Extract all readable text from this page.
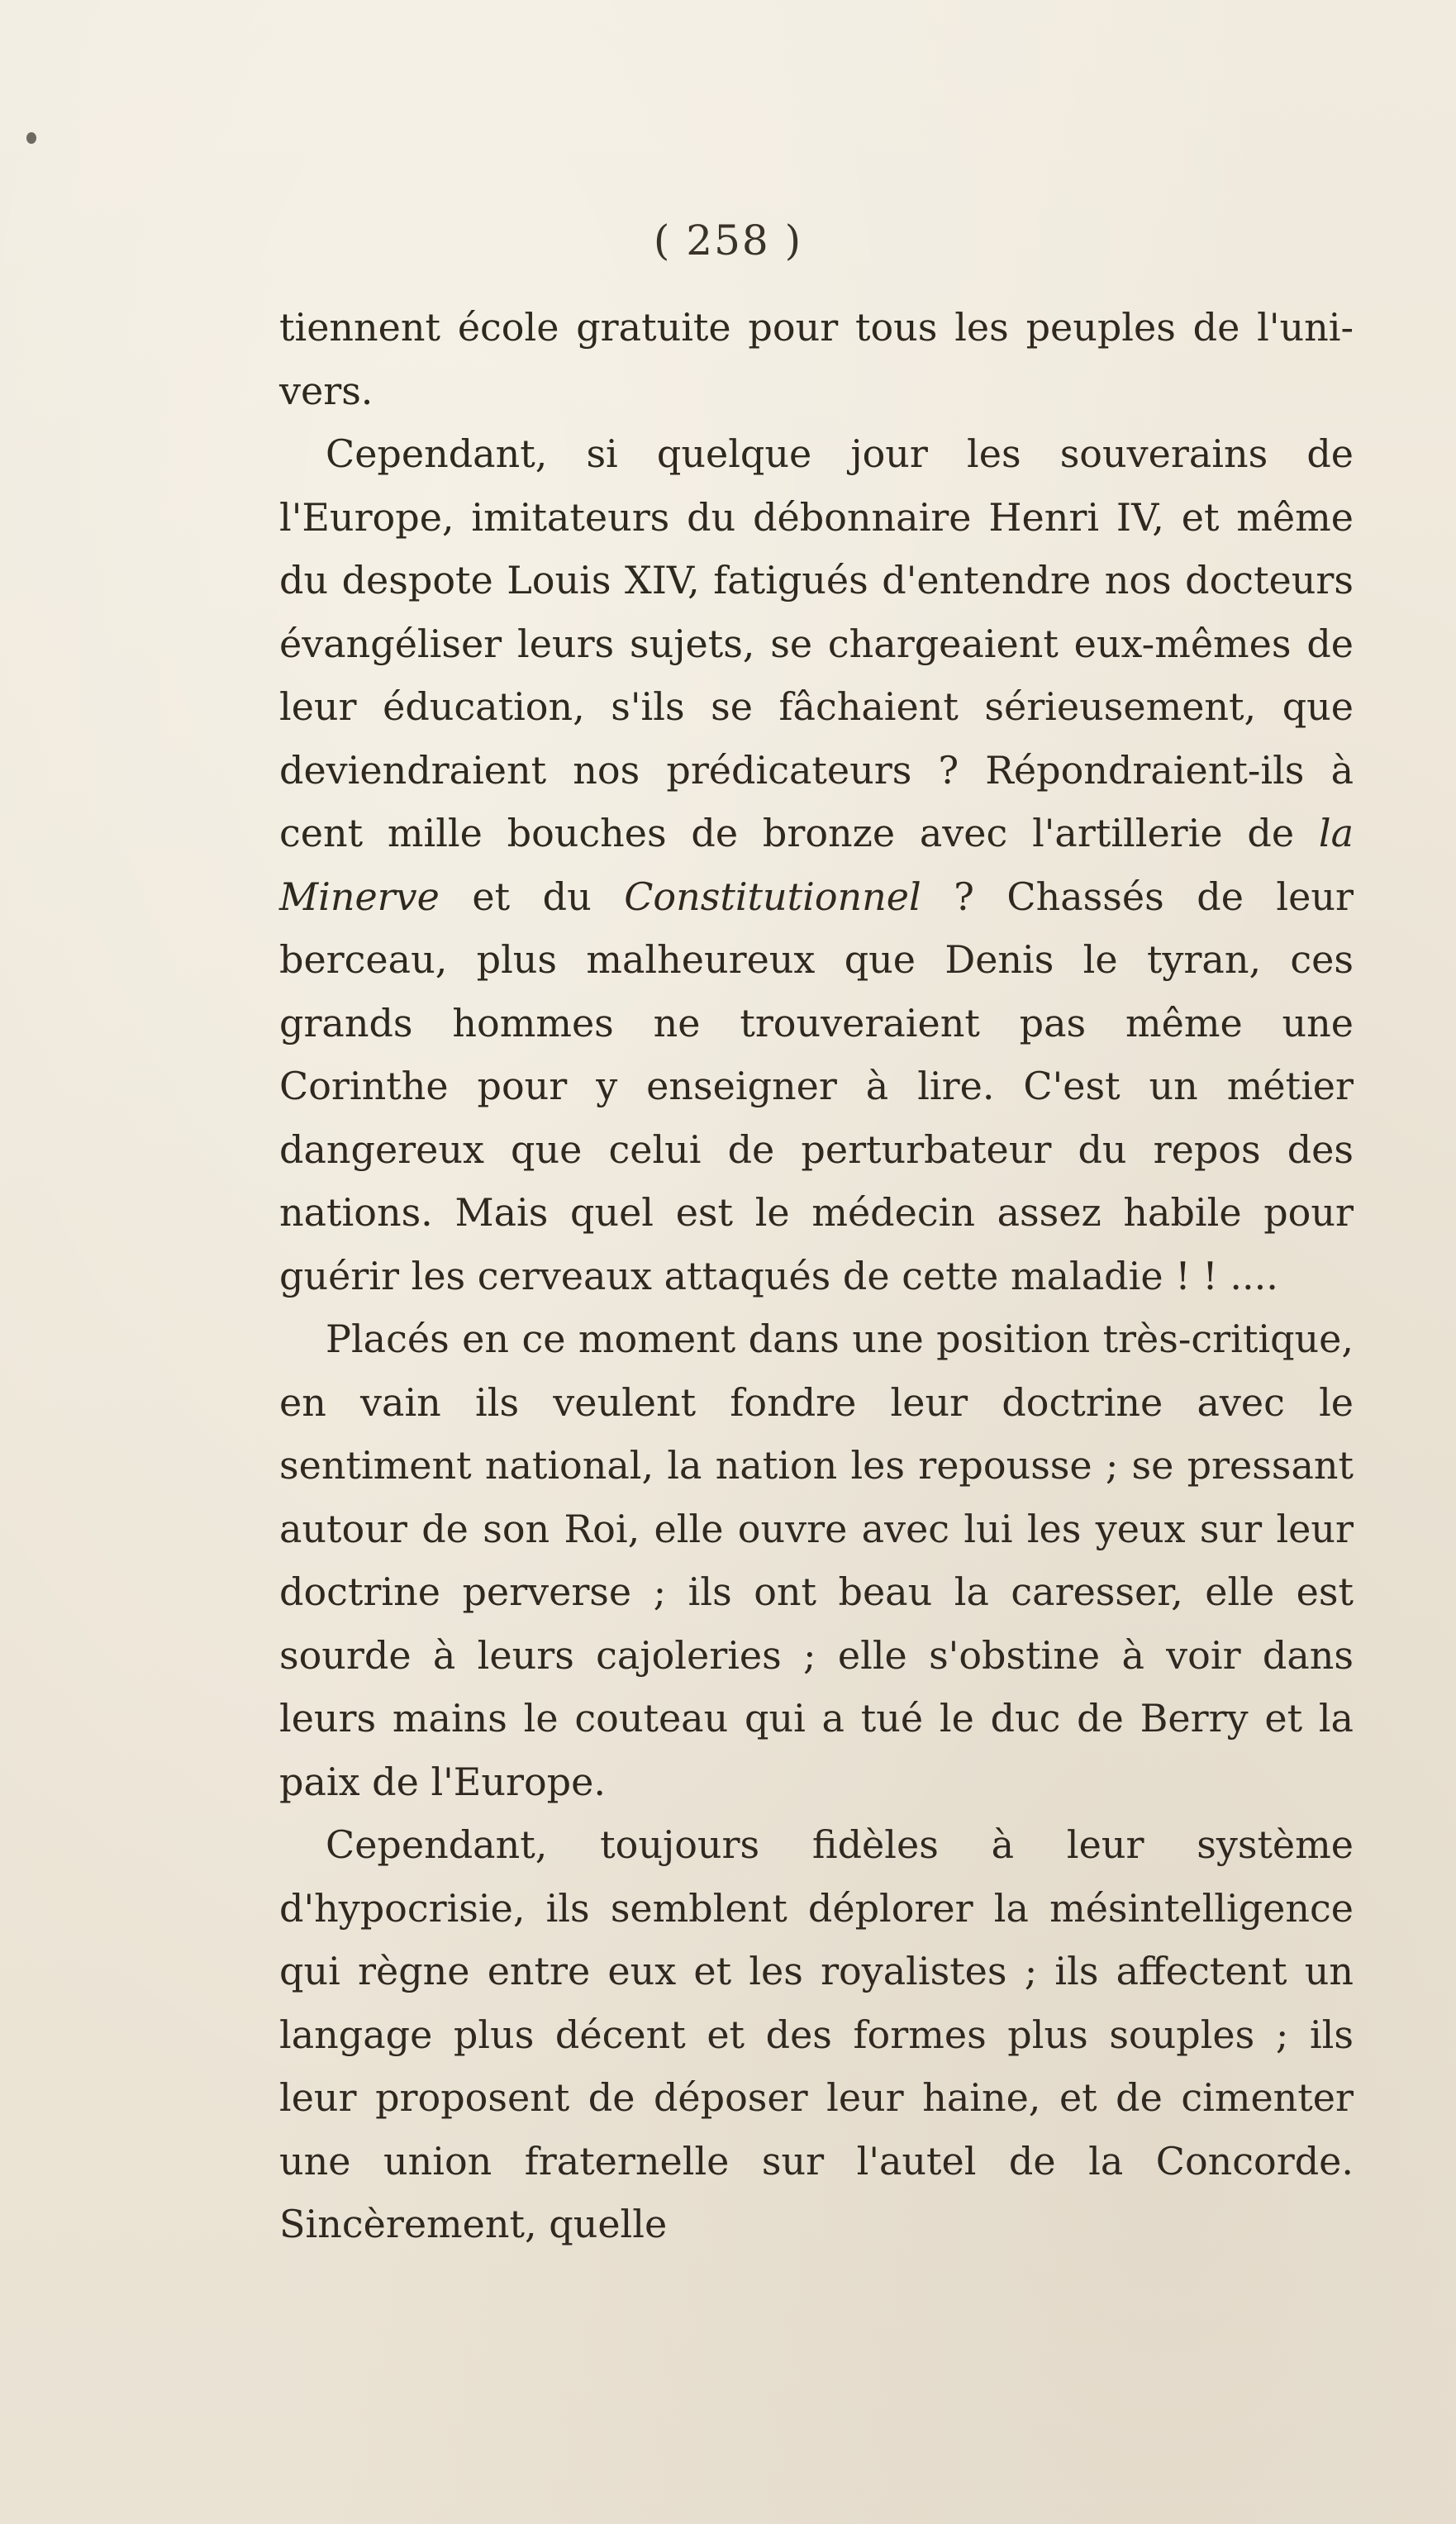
( 258 )

tiennent école gratuite pour tous les peuples de l'uni-vers.

Cependant, si quelque jour les souverains de l'Europe, imitateurs du débonnaire Henri IV, et même du despote Louis XIV, fatigués d'entendre nos docteurs évangéliser leurs sujets, se chargeaient eux-mêmes de leur éducation, s'ils se fâchaient sérieusement, que deviendraient nos prédicateurs ? Répondraient-ils à cent mille bouches de bronze avec l'artillerie de la Minerve et du Constitutionnel ? Chassés de leur berceau, plus malheureux que Denis le tyran, ces grands hommes ne trouveraient pas même une Corinthe pour y enseigner à lire. C'est un métier dangereux que celui de perturbateur du repos des nations. Mais quel est le médecin assez habile pour guérir les cerveaux attaqués de cette maladie ! ! ....

Placés en ce moment dans une position très-critique, en vain ils veulent fondre leur doctrine avec le sentiment national, la nation les repousse ; se pressant autour de son Roi, elle ouvre avec lui les yeux sur leur doctrine perverse ; ils ont beau la caresser, elle est sourde à leurs cajoleries ; elle s'obstine à voir dans leurs mains le couteau qui a tué le duc de Berry et la paix de l'Europe.

Cependant, toujours fidèles à leur système d'hypocrisie, ils semblent déplorer la mésintelligence qui règne entre eux et les royalistes ; ils affectent un langage plus décent et des formes plus souples ; ils leur proposent de déposer leur haine, et de cimenter une union fraternelle sur l'autel de la Concorde. Sincèrement, quelle
